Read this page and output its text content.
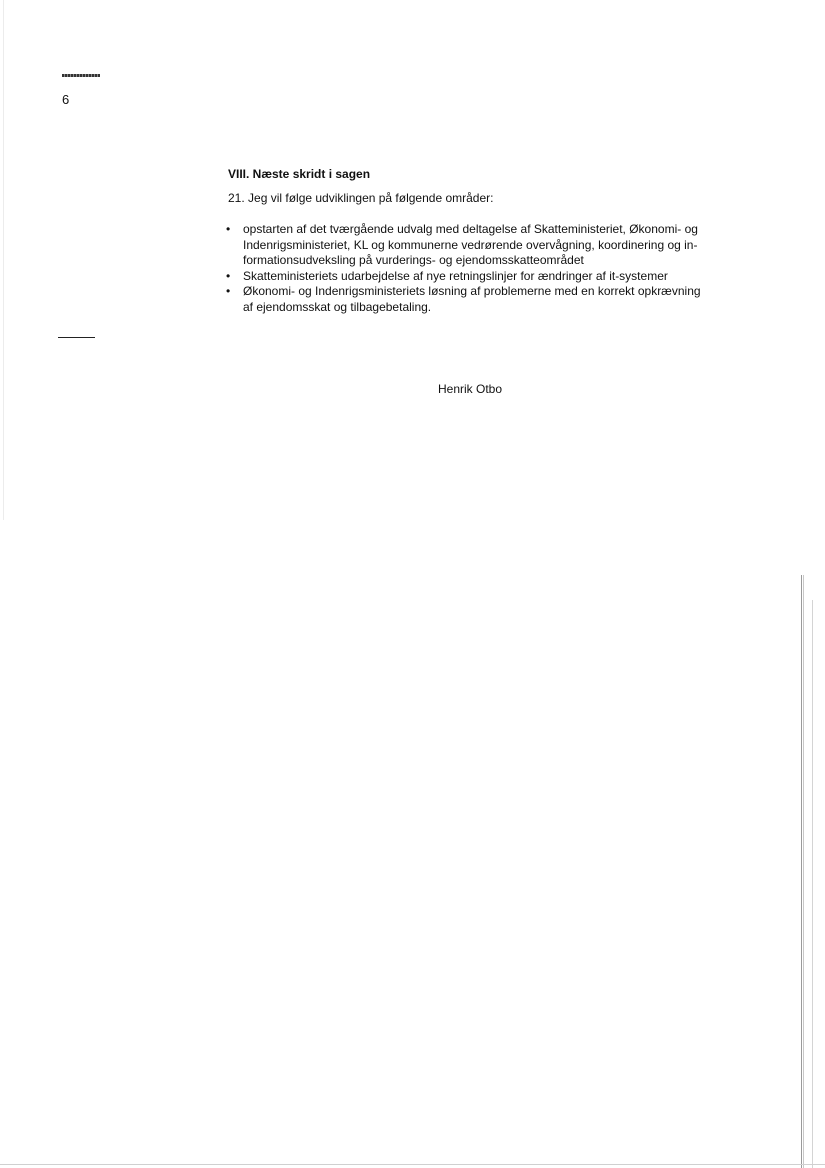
6
VIII. Næste skridt i sagen
21. Jeg vil følge udviklingen på følgende områder:
• opstarten af det tværgående udvalg med deltagelse af Skatteministeriet, Økonomi- og
Indenrigsministeriet, KL og kommunerne vedrørende overvågning, koordinering og in-
formationsudveksling på vurderings- og ejendomsskatteområdet
• Skatteministeriets udarbejdelse af nye retningslinjer for ændringer af it-systemer
• Økonomi- og Indenrigsministeriets løsning af problemerne med en korrekt opkrævning
af ejendomsskat og tilbagebetaling.
Henrik Otbo
